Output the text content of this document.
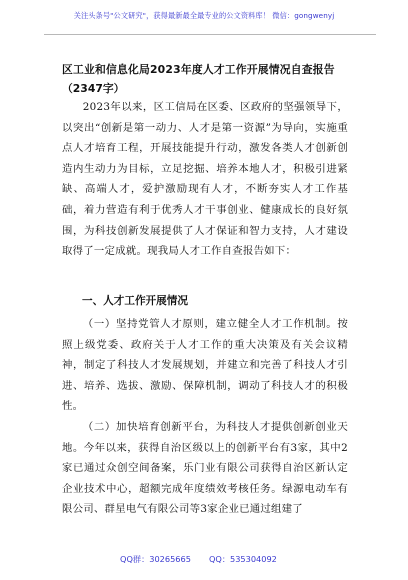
关注头条号"公文研究"，获得最新最全最专业的公文资料库！ 微信：gongwenyj
区工业和信息化局2023年度人才工作开展情况自查报告
（2347字）

2023年以来，区工信局在区委、区政府的坚强领导下，以突出“创新是第一动力、人才是第一资源”为导向，实施重点人才培育工程，开展技能提升行动，激发各类人才创新创造内生动力为目标，立足挖掘、培养本地人才，积极引进紧缺、高端人才，爱护激励现有人才，不断夯实人才工作基础，着力营造有利于优秀人才干事创业、健康成长的良好氛围，为科技创新发展提供了人才保证和智力支持，人才建设取得了一定成就。现我局人才工作自查报告如下：

一、人才工作开展情况

（一）坚持党管人才原则，建立健全人才工作机制。按照上级党委、政府关于人才工作的重大决策及有关会议精神，制定了科技人才发展规划，并建立和完善了科技人才引进、培养、选拔、激励、保障机制，调动了科技人才的积极性。

（二）加快培育创新平台，为科技人才提供创新创业天地。今年以来，获得自治区级以上的创新平台有3家，其中2家已通过众创空间备案，乐门业有限公司获得自治区新认定企业技术中心，超额完成年度绩效考核任务。绿源电动车有限公司、群星电气有限公司等3家企业已通过组建了

QQ群：30265665 QQ：535304092
